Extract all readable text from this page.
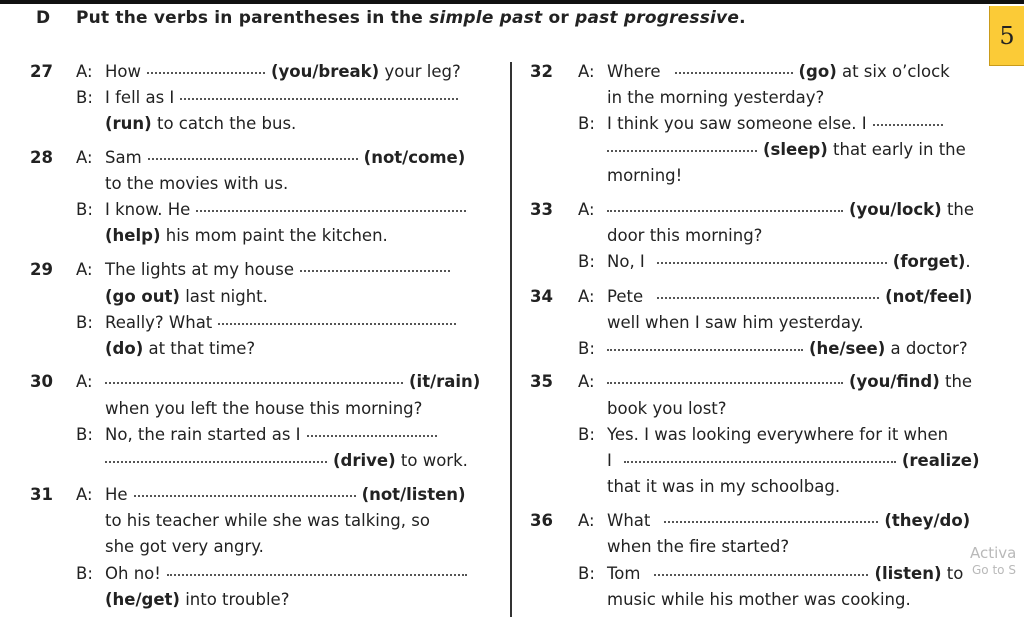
D Put the verbs in parentheses in the simple past or past progressive.
5
27 A: How	(you/break) your leg?
B: I fell as I
(run) to catch the bus.
28 A: Sam	(not/come)
to the movies with us.
B: I know. He
(help) his mom paint the kitchen.
29 A: The lights at my house
(go out) last night.
B: Really? What
(do) at that time?
30 A:	(it/rain)
when you left the house this morning?
B: No, the rain started as I
(drive) to work.
31 A: He	(not/listen)
to his teacher while she was talking, so
she got very angry.
B: Oh no!
(he/get) into trouble?
32 A: Where	(go) at six o’clock
in the morning yesterday?
B: I think you saw someone else. I
(sleep) that early in the
morning!
33 A:	(you/lock) the
door this morning?
B: No, I	(forget).
34 A: Pete	(not/feel)
well when I saw him yesterday.
B:	(he/see) a doctor?
35 A:	(you/find) the
book you lost?
B: Yes. I was looking everywhere for it when
I	(realize)
that it was in my schoolbag.
36 A: What	(they/do)
when the fire started?
B: Tom	(listen) to
music while his mother was cooking.
Activa
Go to S
